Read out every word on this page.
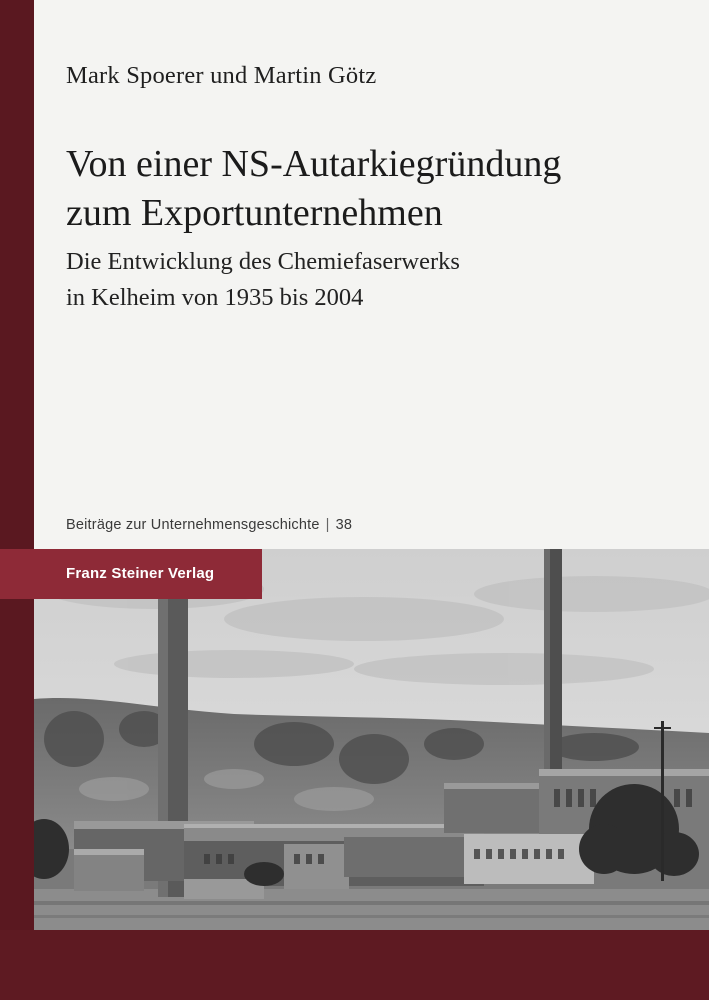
Mark Spoerer und Martin Götz
Von einer NS-Autarkiegründung
zum Exportunternehmen
Die Entwicklung des Chemiefaserwerks
in Kelheim von 1935 bis 2004
Beiträge zur Unternehmensgeschichte | 38
Franz Steiner Verlag
